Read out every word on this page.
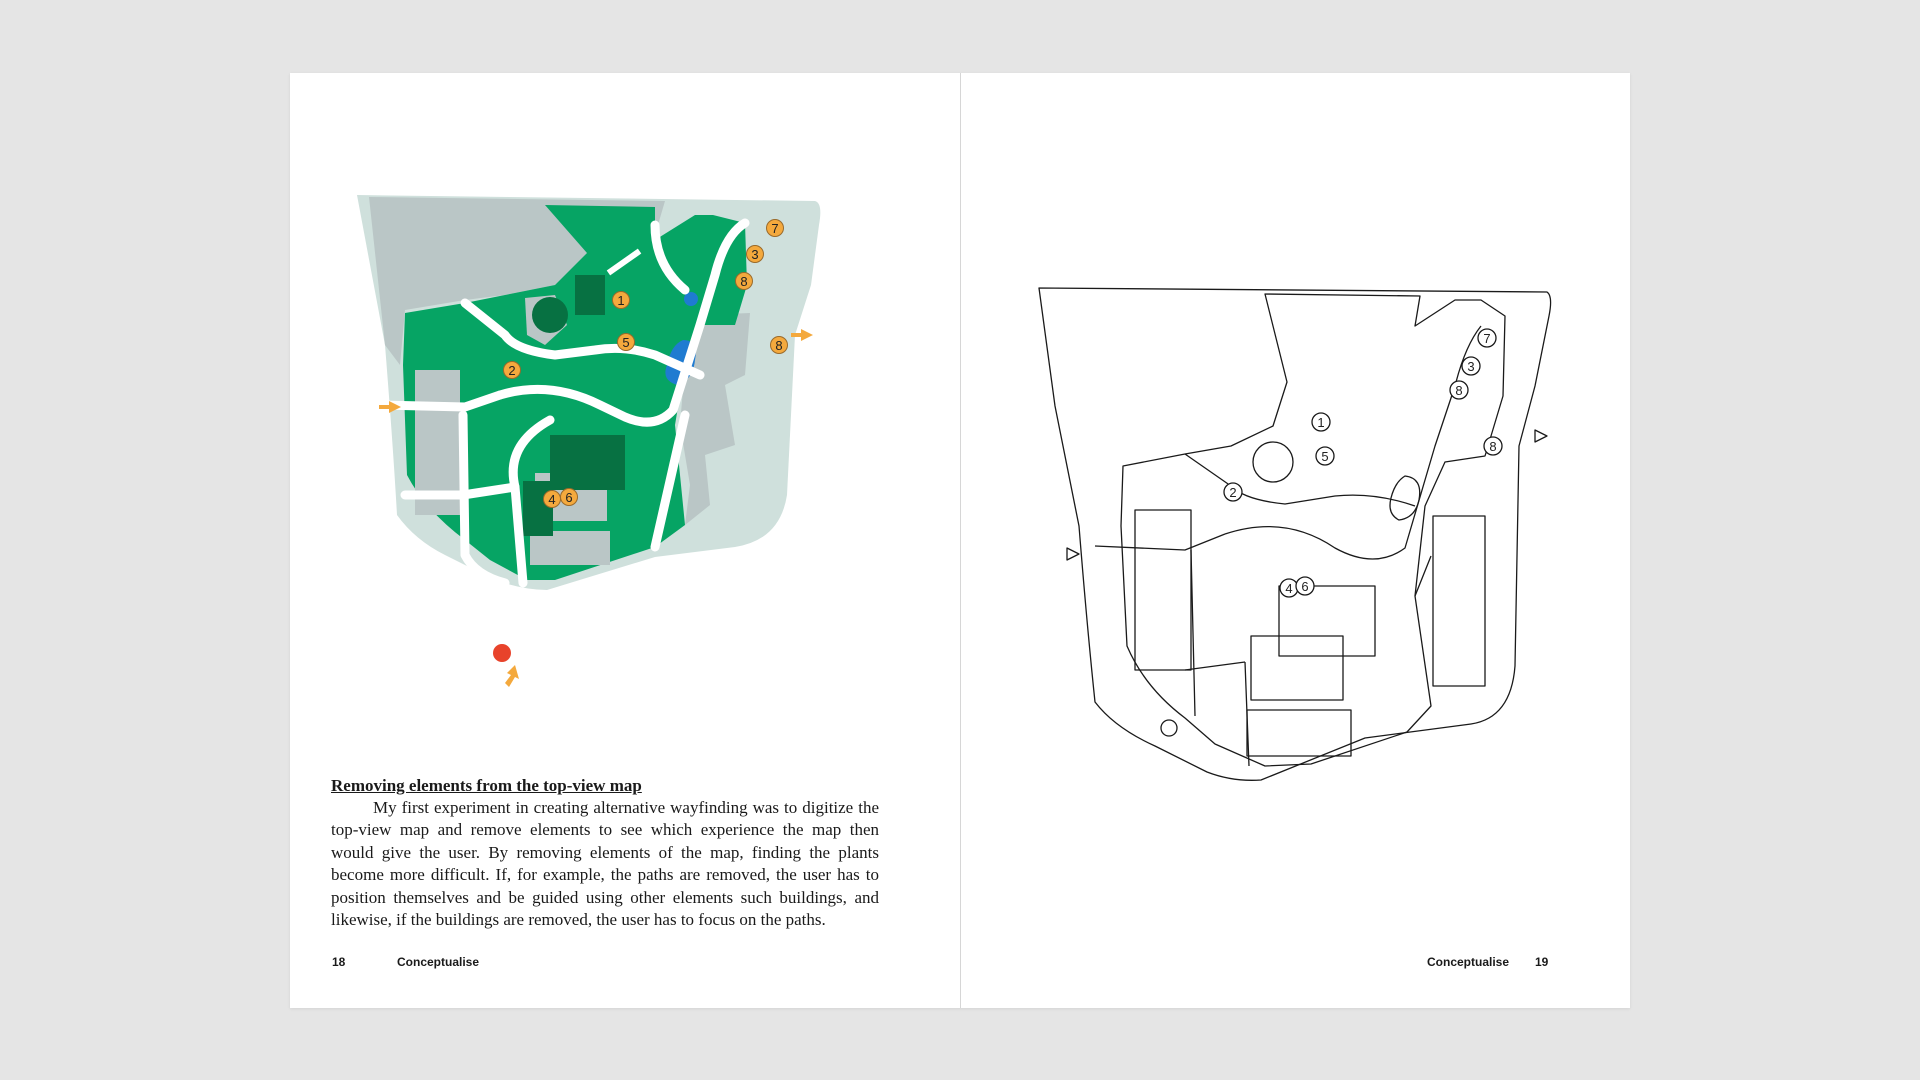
7
3
8
1
5
2
8
4 6

Removing elements from the top-view map

My first experiment in creating alternative wayfinding was to digitize the top-view map and remove elements to see which experience the map then would give the user. By removing elements of the map, finding the plants become more difficult. If, for example, the paths are removed, the user has to position themselves and be guided using other elements such buildings, and likewise, if the buildings are removed, the user has to focus on the paths.

18	Conceptualise
7
3
8
1
5
2
8
4 6
Conceptualise 19
